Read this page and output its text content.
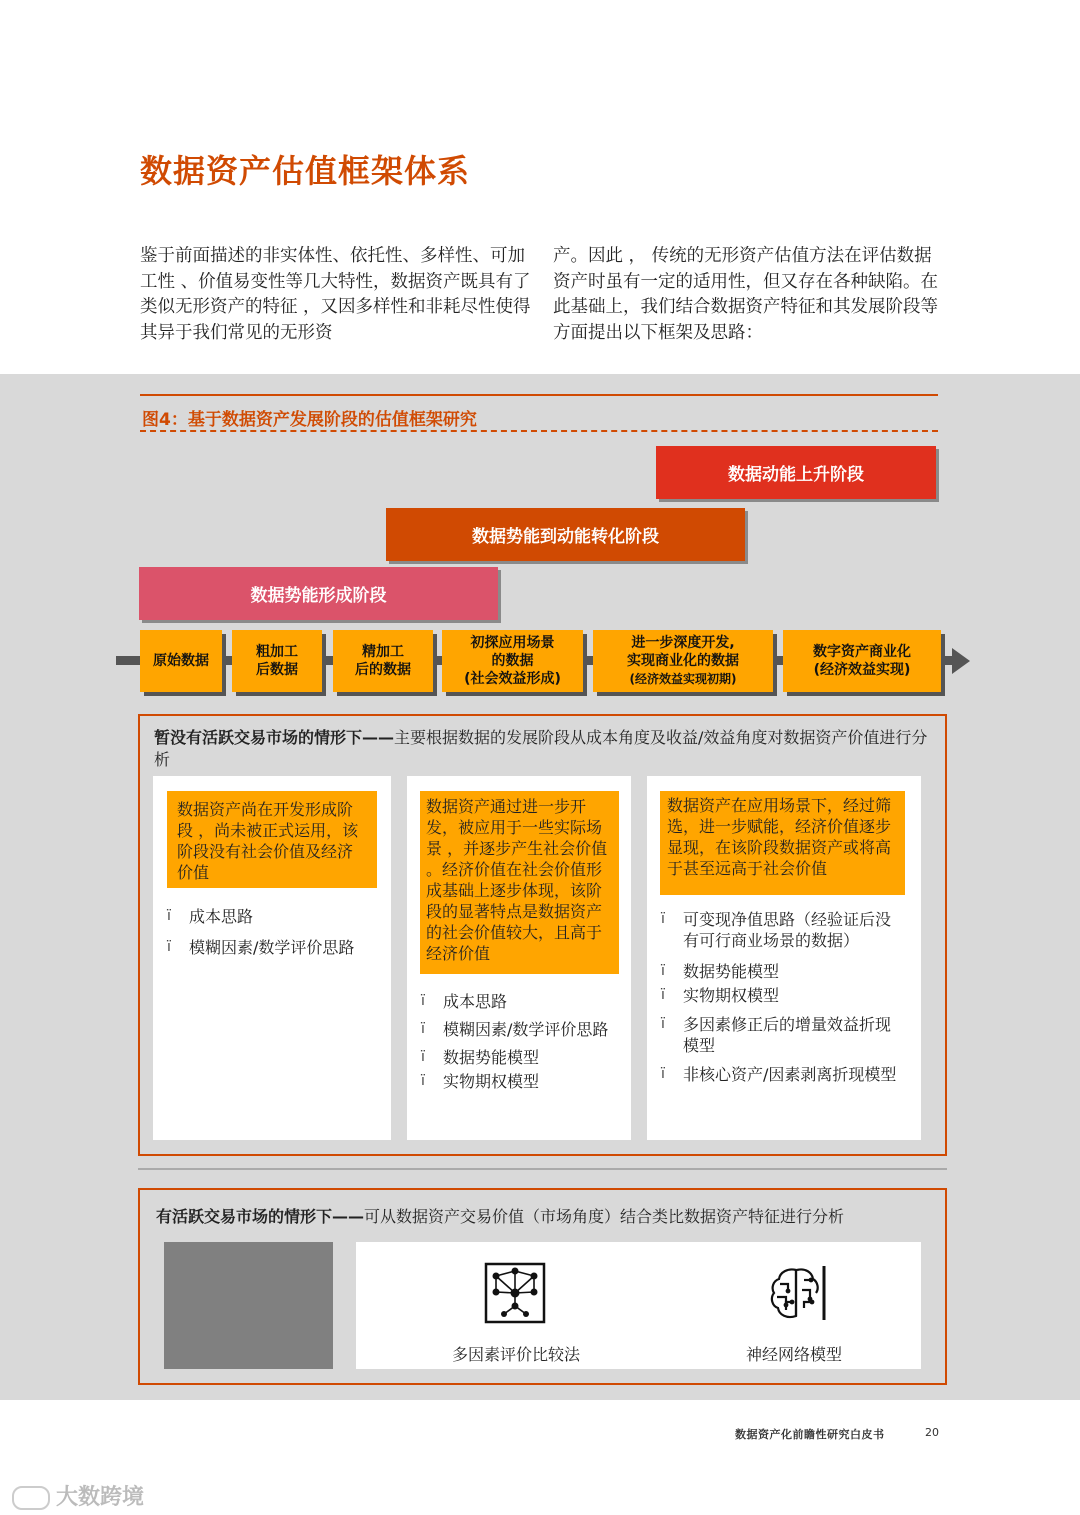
数据资产估值框架体系
鉴于前面描述的非实体性、依托性、多样性、可加工性 、价值易变性等几大特性，数据资产既具有了类似无形资产的特征 ，又因多样性和非耗尽性使得其异于我们常见的无形资
产。因此 ， 传统的无形资产估值方法在评估数据资产时虽有一定的适用性，但又存在各种缺陷。在此基础上，我们结合数据资产特征和其发展阶段等方面提出以下框架及思路：
图4：基于数据资产发展阶段的估值框架研究
数据动能上升阶段
数据势能到动能转化阶段
数据势能形成阶段
原始数据
粗加工
后数据
精加工
后的数据
初探应用场景
的数据
(社会效益形成)
进一步深度开发,
实现商业化的数据
(经济效益实现初期)
数字资产商业化
(经济效益实现)
暂没有活跃交易市场的情形下——主要根据数据的发展阶段从成本角度及收益/效益角度对数据资产价值进行分析
数据资产尚在开发形成阶段 ，尚未被正式运用，该阶段没有社会价值及经济价值
ï 成本思路
ï 模糊因素/数学评价思路
数据资产通过进一步开发，被应用于一些实际场景 ，并逐步产生社会价值 。经济价值在社会价值形成基础上逐步体现，该阶段的显著特点是数据资产的社会价值较大，且高于经济价值
ï 成本思路
ï 模糊因素/数学评价思路
ï 数据势能模型
ï 实物期权模型
数据资产在应用场景下，经过筛选，进一步赋能，经济价值逐步显现，在该阶段数据资产或将高于甚至远高于社会价值
ï 可变现净值思路（经验证后没有可行商业场景的数据）
ï 数据势能模型
ï 实物期权模型
ï 多因素修正后的增量效益折现模型
ï 非核心资产/因素剥离折现模型
有活跃交易市场的情形下——可从数据资产交易价值（市场角度）结合类比数据资产特征进行分析
多因素评价比较法	神经网络模型
数据资产化前瞻性研究白皮书	20
大数跨境
